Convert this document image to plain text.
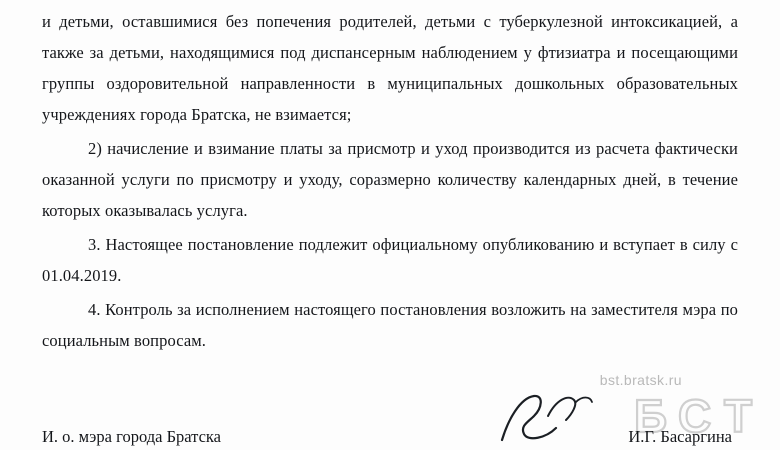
и детьми, оставшимися без попечения родителей, детьми с туберкулезной интоксикацией, а также за детьми, находящимися под диспансерным наблюдением у фтизиатра и посещающими группы оздоровительной направленности в муниципальных дошкольных образовательных учреждениях города Братска, не взимается;

2) начисление и взимание платы за присмотр и уход производится из расчета фактически оказанной услуги по присмотру и уходу, соразмерно количеству календарных дней, в течение которых оказывалась услуга.

3. Настоящее постановление подлежит официальному опубликованию и вступает в силу с 01.04.2019.

4. Контроль за исполнением настоящего постановления возложить на заместителя мэра по социальным вопросам.

bst.bratsk.ru
Б С Т
И. о. мэра города Братска	И.Г. Басаргина
